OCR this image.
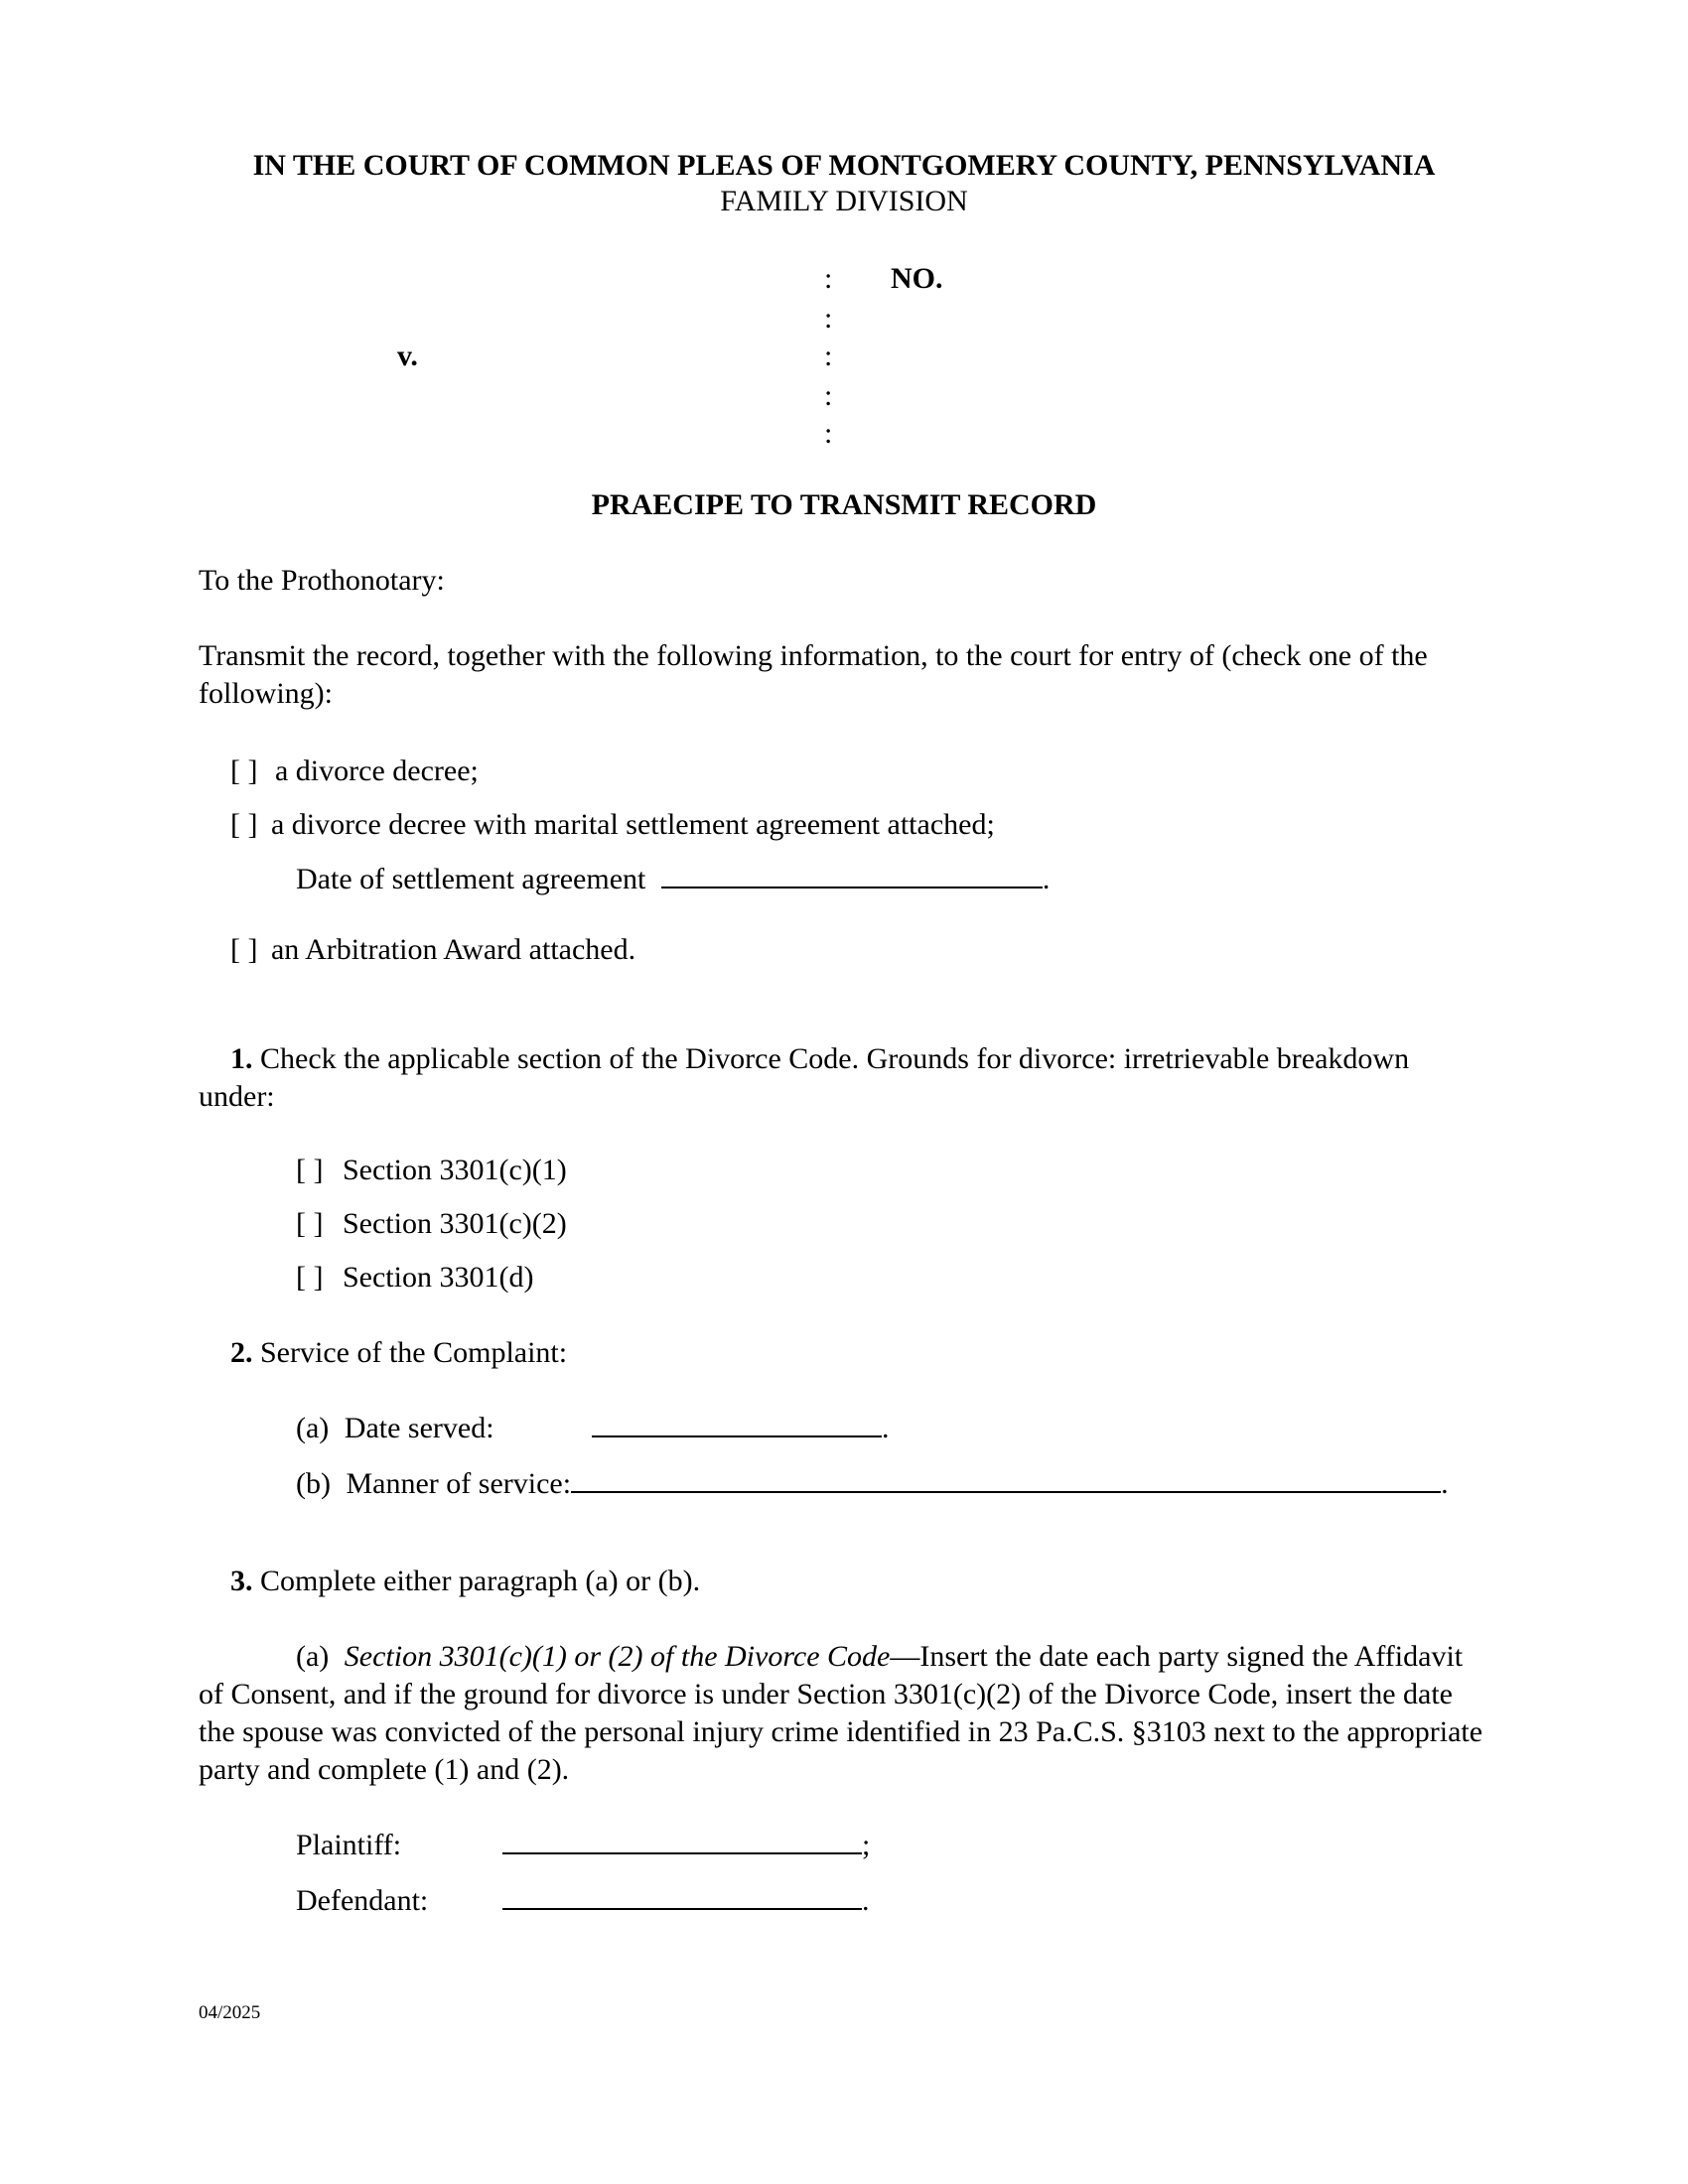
IN THE COURT OF COMMON PLEAS OF MONTGOMERY COUNTY, PENNSYLVANIA
FAMILY DIVISION
: NO.
:
v.	:
:
:
PRAECIPE TO TRANSMIT RECORD
To the Prothonotary:
Transmit the record, together with the following information, to the court for entry of (check one of the following):
[ ] a divorce decree;
[ ] a divorce decree with marital settlement agreement attached;
Date of settlement agreement	.
[ ] an Arbitration Award attached.
1. Check the applicable section of the Divorce Code. Grounds for divorce: irretrievable breakdown under:
[ ] Section 3301(c)(1)
[ ] Section 3301(c)(2)
[ ] Section 3301(d)
2. Service of the Complaint:
(a) Date served:	.
(b) Manner of service:	.
3. Complete either paragraph (a) or (b).
(a) Section 3301(c)(1) or (2) of the Divorce Code—Insert the date each party signed the Affidavit of Consent, and if the ground for divorce is under Section 3301(c)(2) of the Divorce Code, insert the date the spouse was convicted of the personal injury crime identified in 23 Pa.C.S. §3103 next to the appropriate party and complete (1) and (2).
Plaintiff:	;
Defendant:	.
04/2025
